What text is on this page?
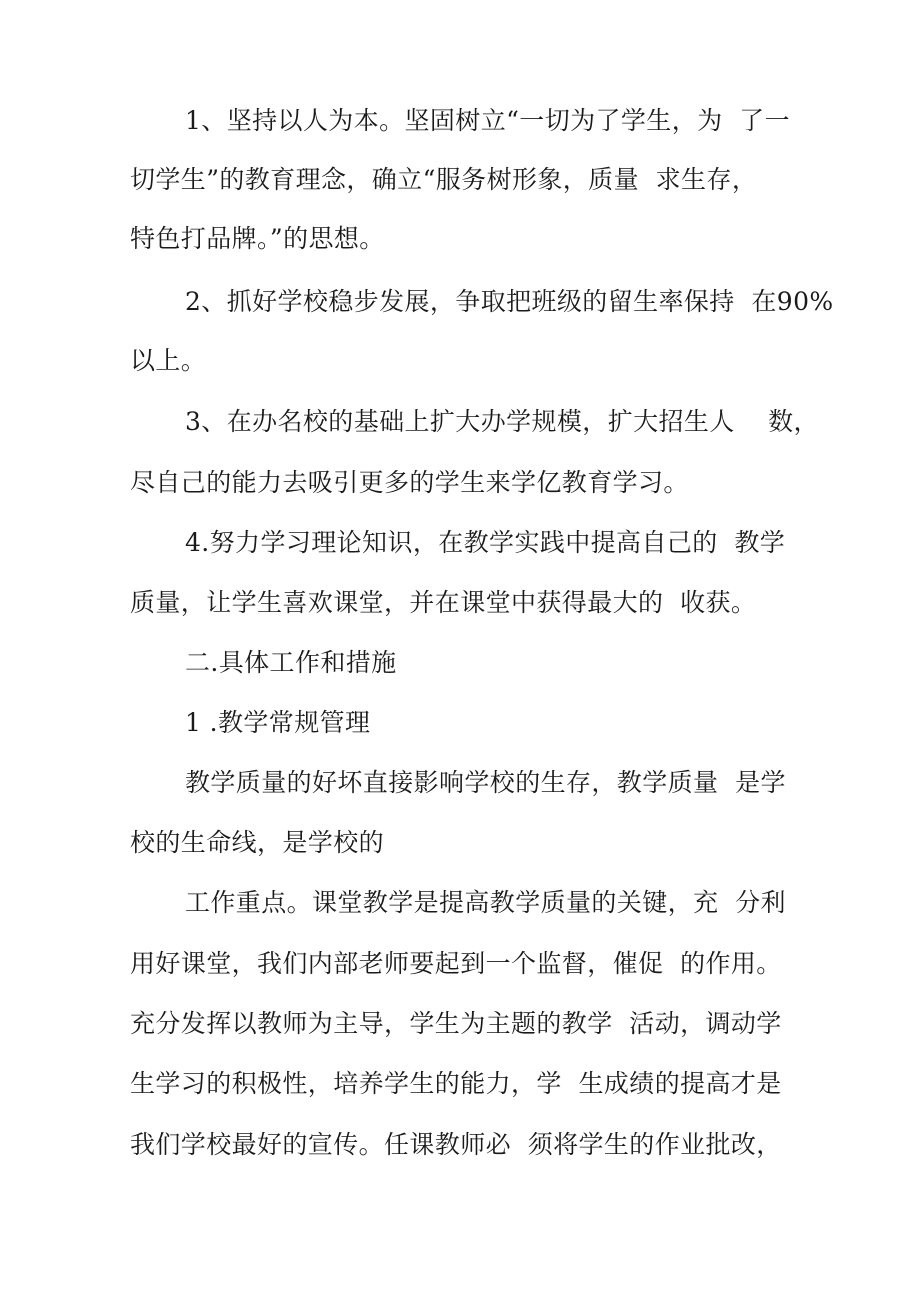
1、坚持以人为本。坚固树立“一切为了学生，为  了一
切学生”的教育理念，确立“服务树形象，质量  求生存，
特色打品牌。”的思想。
2、抓好学校稳步发展，争取把班级的留生率保持  在90%
以上。
3、在办名校的基础上扩大办学规模，扩大招生人    数，
尽自己的能力去吸引更多的学生来学亿教育学习。
4.努力学习理论知识，在教学实践中提高自己的  教学
质量，让学生喜欢课堂，并在课堂中获得最大的  收获。
二.具体工作和措施
1 .教学常规管理
教学质量的好坏直接影响学校的生存，教学质量  是学
校的生命线，是学校的
工作重点。课堂教学是提高教学质量的关键，充  分利
用好课堂，我们内部老师要起到一个监督，催促  的作用。
充分发挥以教师为主导，学生为主题的教学  活动，调动学
生学习的积极性，培养学生的能力，学  生成绩的提高才是
我们学校最好的宣传。任课教师必  须将学生的作业批改，
